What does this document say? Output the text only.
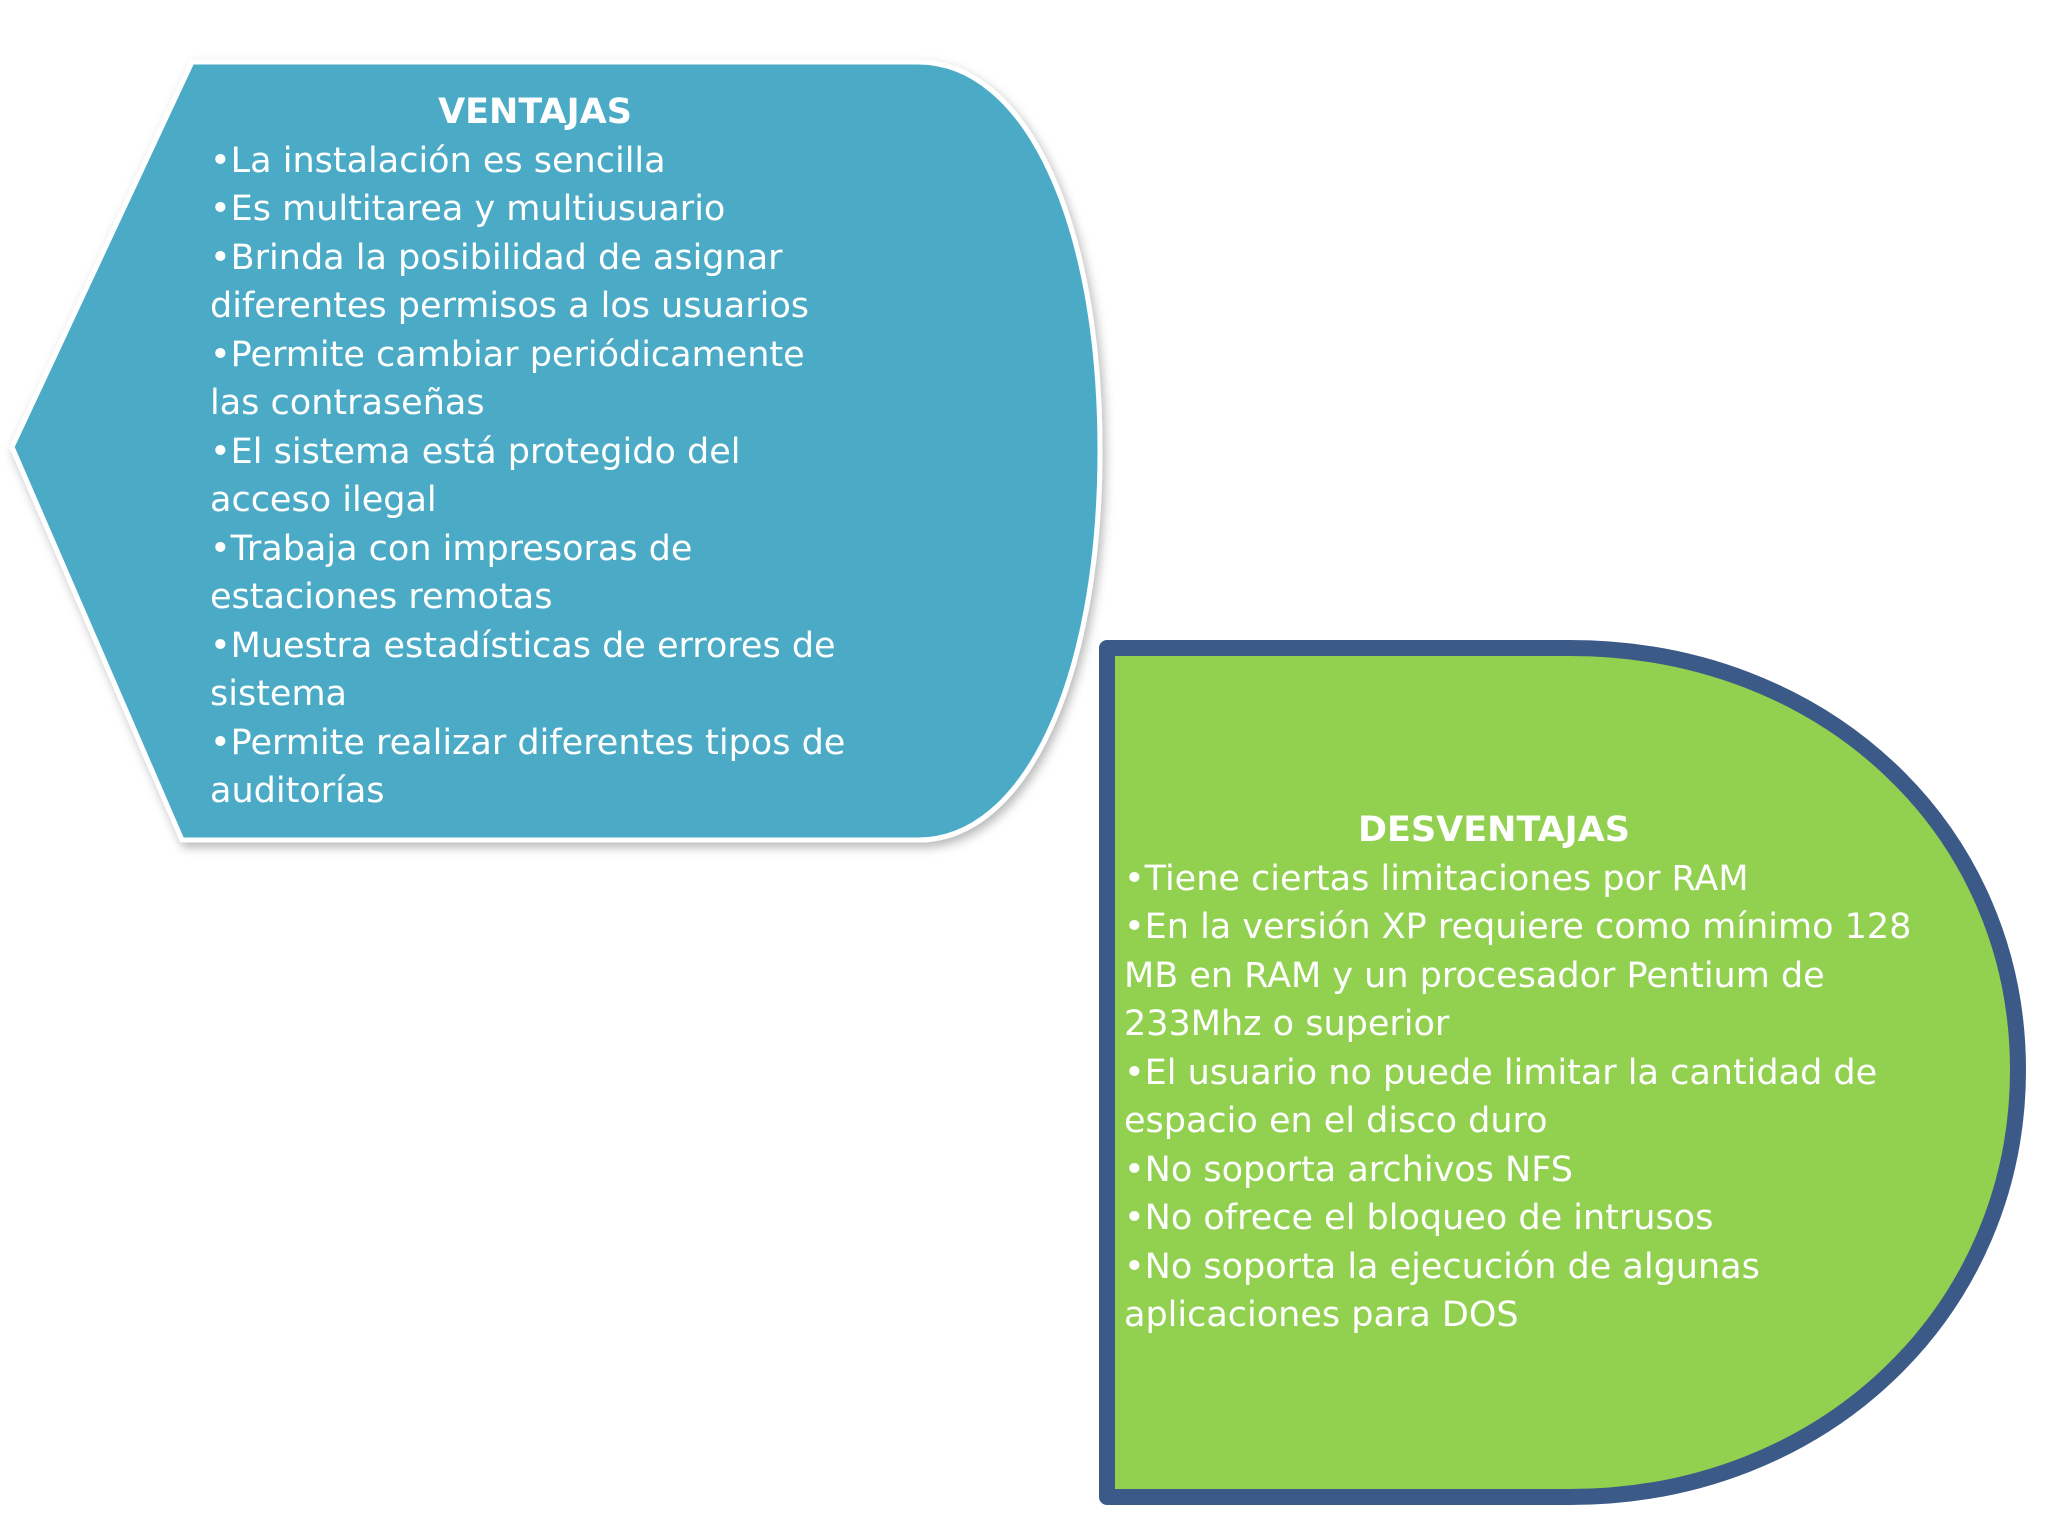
VENTAJAS
•La instalación es sencilla
•Es multitarea y multiusuario
•Brinda la posibilidad de asignar diferentes permisos a los usuarios
•Permite cambiar periódicamente las contraseñas
•El sistema está protegido del acceso ilegal
•Trabaja con impresoras de estaciones remotas
•Muestra estadísticas de errores de sistema
•Permite realizar diferentes tipos de auditorías
DESVENTAJAS
•Tiene ciertas limitaciones por RAM
•En la versión XP requiere como mínimo 128 MB en RAM y un procesador Pentium de 233Mhz o superior
•El usuario no puede limitar la cantidad de espacio en el disco duro
•No soporta archivos NFS
•No ofrece el bloqueo de intrusos
•No soporta la ejecución de algunas aplicaciones para DOS
